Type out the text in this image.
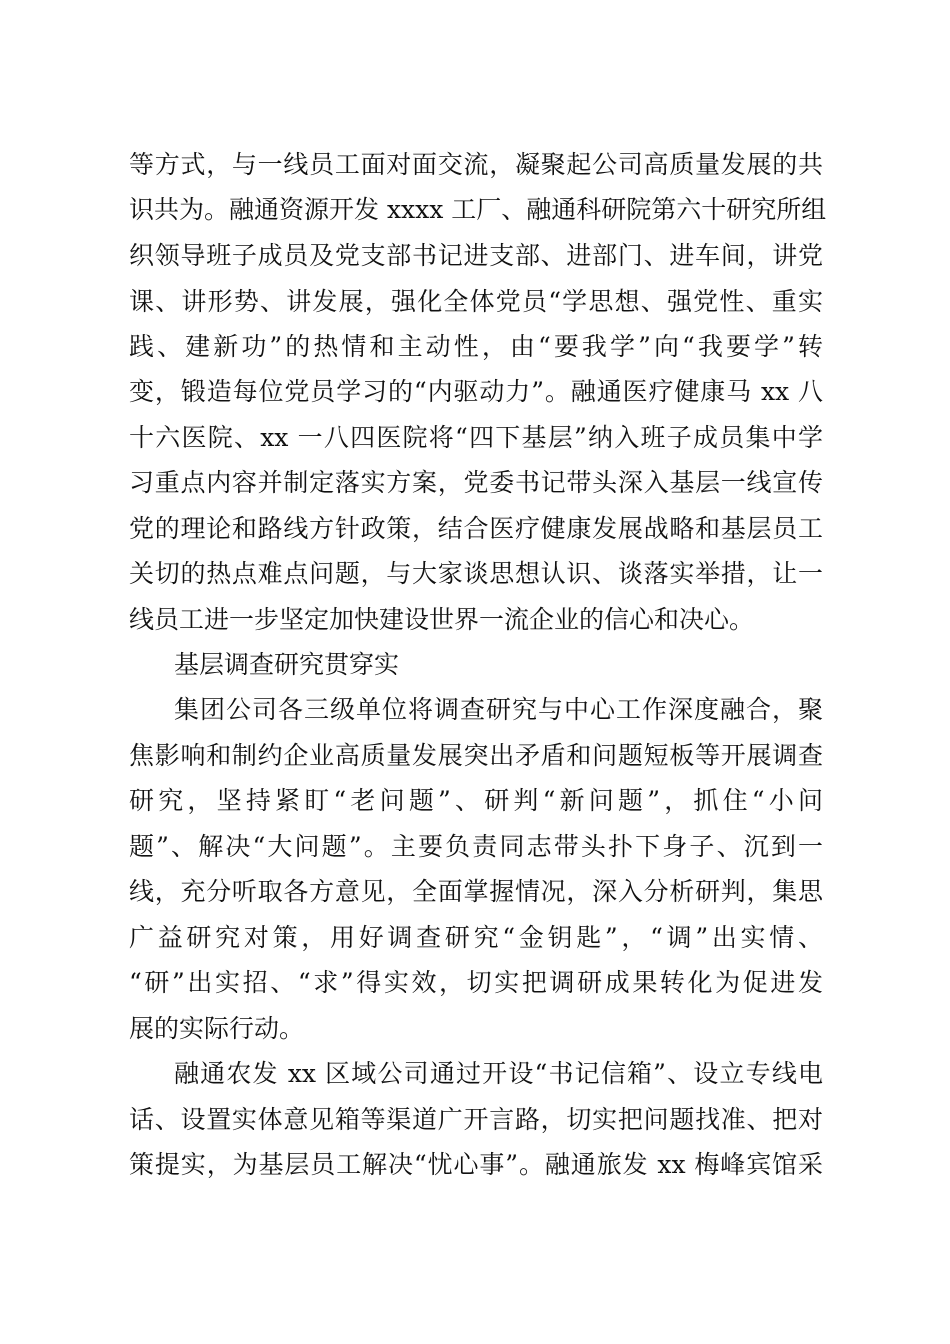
等方式，与一线员工面对面交流，凝聚起公司高质量发展的共
识共为。融通资源开发 xxxx 工厂、融通科研院第六十研究所组
织领导班子成员及党支部书记进支部、进部门、进车间，讲党
课、讲形势、讲发展，强化全体党员“学思想、强党性、重实
践、建新功”的热情和主动性，由“要我学”向“我要学”转
变，锻造每位党员学习的“内驱动力”。融通医疗健康马 xx 八
十六医院、xx 一八四医院将“四下基层”纳入班子成员集中学
习重点内容并制定落实方案，党委书记带头深入基层一线宣传
党的理论和路线方针政策，结合医疗健康发展战略和基层员工
关切的热点难点问题，与大家谈思想认识、谈落实举措，让一
线员工进一步坚定加快建设世界一流企业的信心和决心。
基层调查研究贯穿实
集团公司各三级单位将调查研究与中心工作深度融合，聚
焦影响和制约企业高质量发展突出矛盾和问题短板等开展调查
研究，坚持紧盯“老问题”、研判“新问题”，抓住“小问
题”、解决“大问题”。主要负责同志带头扑下身子、沉到一
线，充分听取各方意见，全面掌握情况，深入分析研判，集思
广益研究对策，用好调查研究“金钥匙”，“调”出实情、
“研”出实招、“求”得实效，切实把调研成果转化为促进发
展的实际行动。
融通农发 xx 区域公司通过开设“书记信箱”、设立专线电
话、设置实体意见箱等渠道广开言路，切实把问题找准、把对
策提实，为基层员工解决“忧心事”。融通旅发 xx 梅峰宾馆采
